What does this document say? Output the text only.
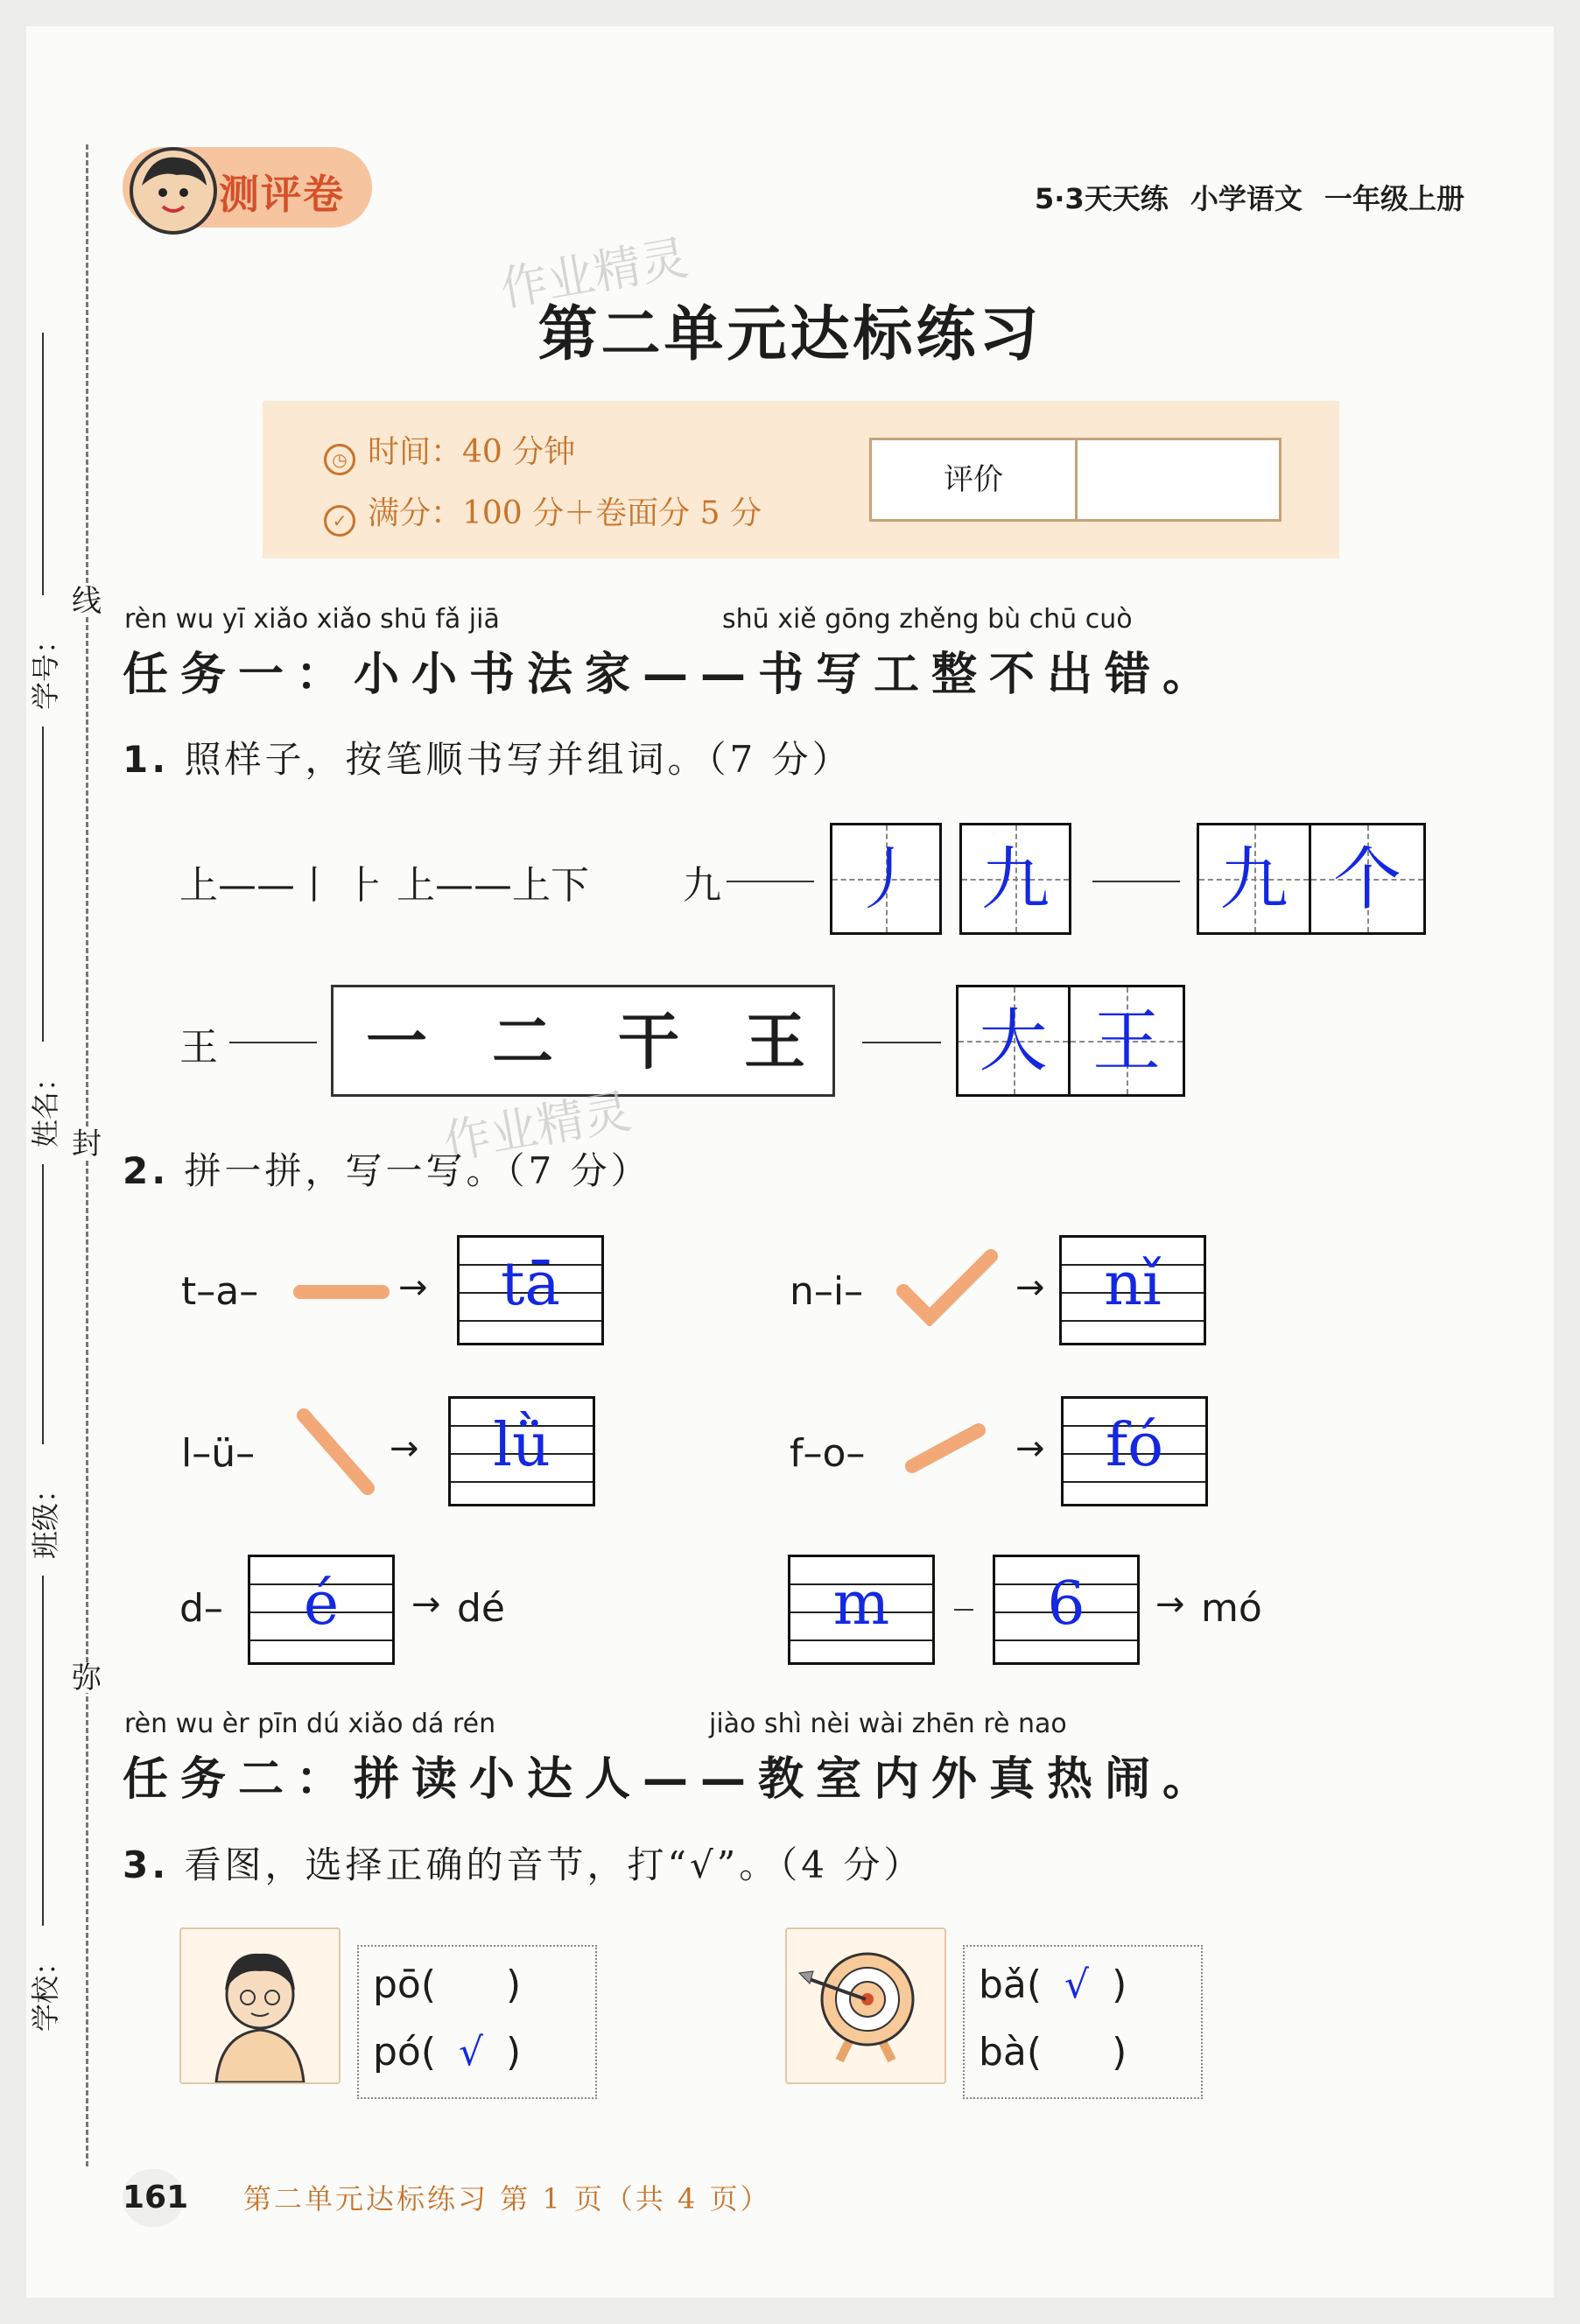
线
封
弥
学号：
姓名：
班级：
学校：
测评卷	5·3天天练 小学语文 一年级上册
作业精灵
第二单元达标练习
◷ 时间：40 分钟
✓ 满分：100 分＋卷面分 5 分
评价
rèn wu yī xiǎo xiǎo shū fǎ jiā	shū xiě gōng zhěng bù chū cuò
任务一：小小书法家——书写工整不出错。
1. 照样子，按笔顺书写并组词。（7 分）
上——丨 ⺊ 上——上下 九 丿 九	九 个
王	一	二	干	王	大 王
作业精灵
2. 拼一拼，写一写。（7 分）
t–a–	→	tā	n–i–	→ nǐ
l–ü–	→	lǜ	f–o–	→	fó
d–	é	→ dé	m	6	→ mó
rèn wu èr pīn dú xiǎo dá rén	jiào shì nèi wài zhēn rè nao
任务二：拼读小达人——教室内外真热闹。
3. 看图，选择正确的音节，打“√”。（4 分）
pō( )
pó( √ )
bǎ( √ )
bà( )
161 第二单元达标练习 第 1 页（共 4 页）
